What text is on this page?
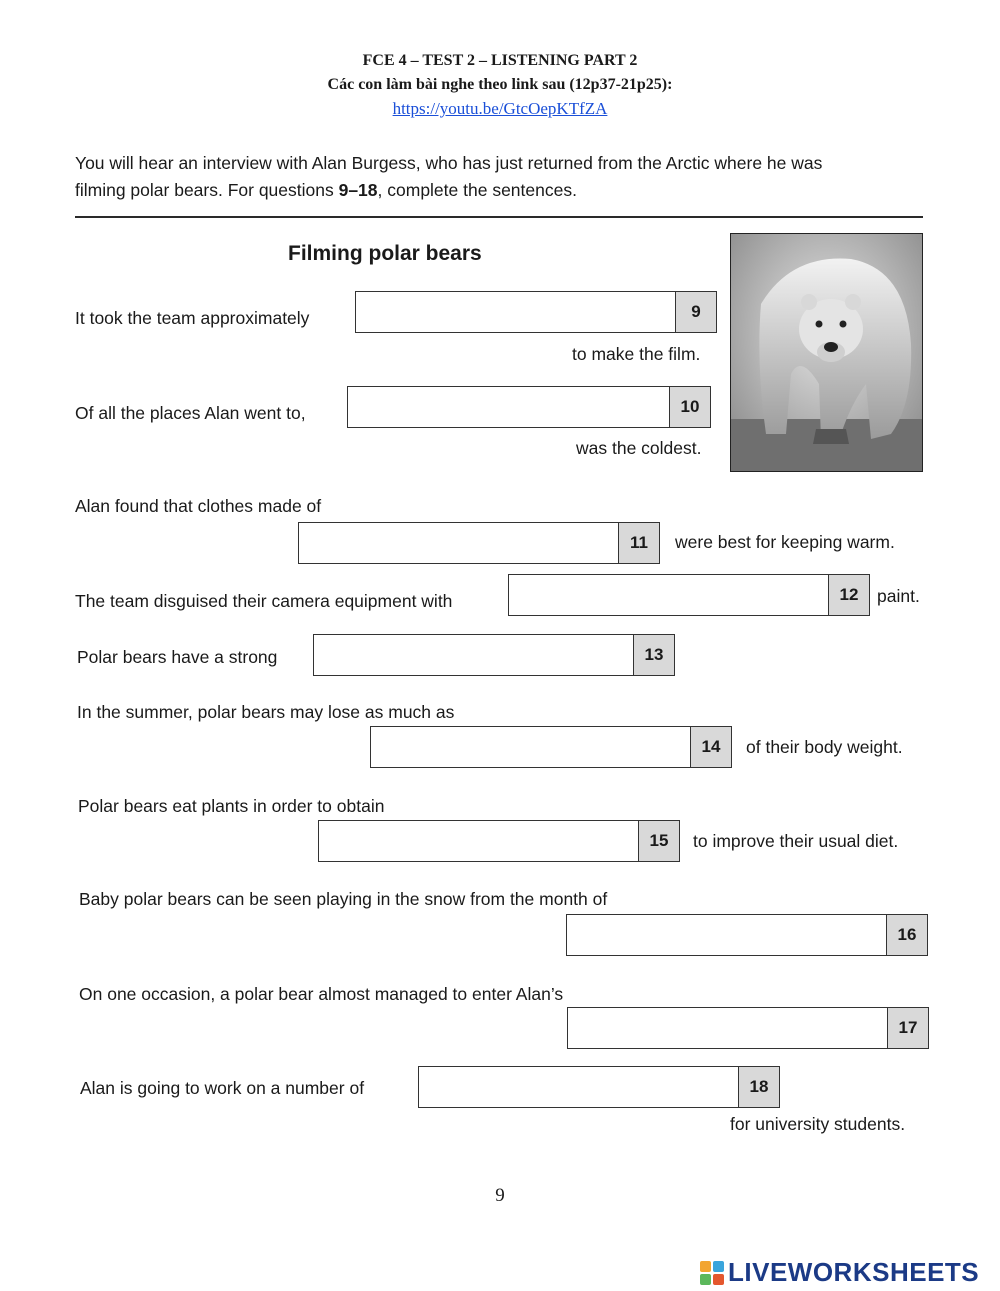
FCE 4 – TEST 2 – LISTENING PART 2
Các con làm bài nghe theo link sau (12p37-21p25):
https://youtu.be/GtcOepKTfZA
You will hear an interview with Alan Burgess, who has just returned from the Arctic where he was
filming polar bears. For questions 9–18, complete the sentences.
Filming polar bears
It took the team approximately	9
to make the film.
Of all the places Alan went to,	10
was the coldest.
Alan found that clothes made of
11	were best for keeping warm.
The team disguised their camera equipment with	12	paint.
Polar bears have a strong	13
In the summer, polar bears may lose as much as
14	of their body weight.
Polar bears eat plants in order to obtain
15	to improve their usual diet.
Baby polar bears can be seen playing in the snow from the month of
16
On one occasion, a polar bear almost managed to enter Alan’s
17
Alan is going to work on a number of	18
for university students.
9
LIVEWORKSHEETS
